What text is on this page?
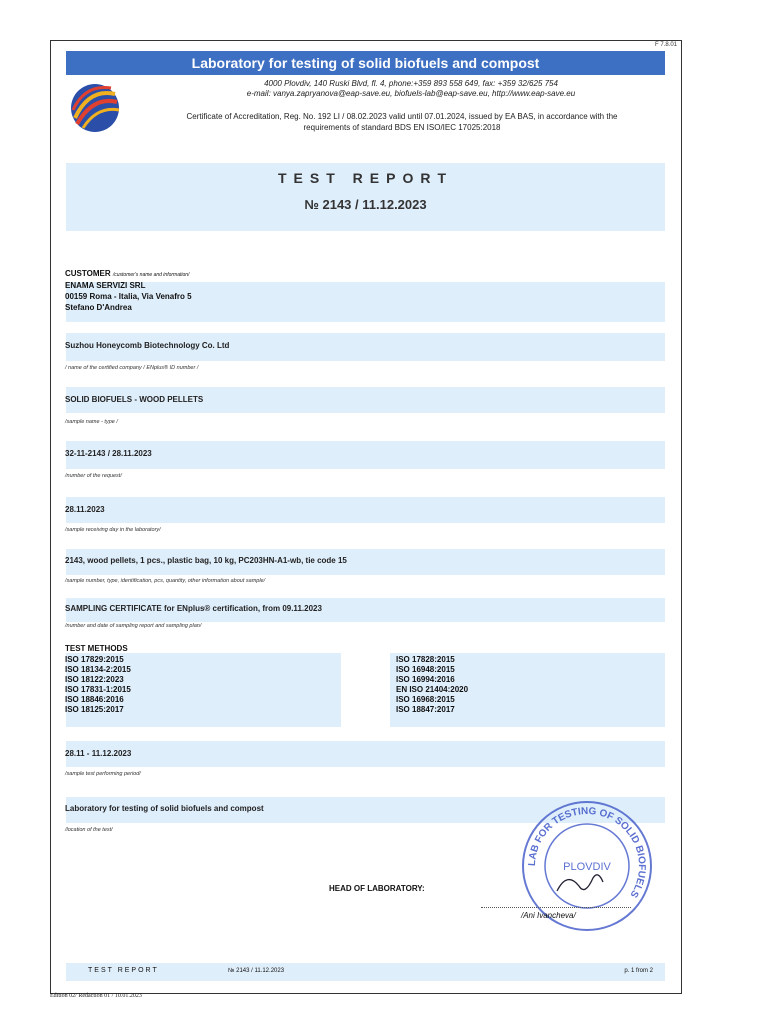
F 7.8.01
Laboratory for testing of solid biofuels and compost
4000 Plovdiv, 140 Ruski Blvd, fl. 4, phone:+359 893 558 649, fax: +359 32/625 754
e-mail: vanya.zapryanova@eap-save.eu, biofuels-lab@eap-save.eu, http://www.eap-save.eu
Certificate of Accreditation, Reg. No. 192 LI / 08.02.2023 valid until 07.01.2024, issued by EA BAS, in accordance with the
requirements of standard BDS EN ISO/IEC 17025:2018
TEST REPORT
№ 2143 / 11.12.2023
CUSTOMER /customer's name and information/
ENAMA SERVIZI SRL
00159 Roma - Italia, Via Venafro 5
Stefano D'Andrea
Suzhou Honeycomb Biotechnology Co. Ltd
/ name of the certified company / ENplus® ID number /
SOLID BIOFUELS - WOOD PELLETS
/sample name - type /
32-11-2143 / 28.11.2023
/number of the request/
28.11.2023
/sample receiving day in the laboratory/
2143, wood pellets, 1 pcs., plastic bag, 10 kg, PC203HN-A1-wb, tie code 15
/sample number, type, identification, pcs, quantity, other information about sample/
SAMPLING CERTIFICATE for ENplus® certification, from 09.11.2023
/number and date of sampling report and sampling plan/
TEST METHODS
ISO 17829:2015
ISO 18134-2:2015
ISO 18122:2023
ISO 17831-1:2015
ISO 18846:2016
ISO 18125:2017
ISO 17828:2015
ISO 16948:2015
ISO 16994:2016
EN ISO 21404:2020
ISO 16968:2015
ISO 18847:2017
28.11 - 11.12.2023
/sample test performing period/
Laboratory for testing of solid biofuels and compost
/location of the test/
HEAD OF LABORATORY:
LAB FOR TESTING OF SOLID BIOFUELS
PLOVDIV
/Ani Ivancheva/
TEST REPORT	№ 2143 / 11.12.2023	p. 1 from 2
Edition 02/ Redaction 01 / 10.01.2023
